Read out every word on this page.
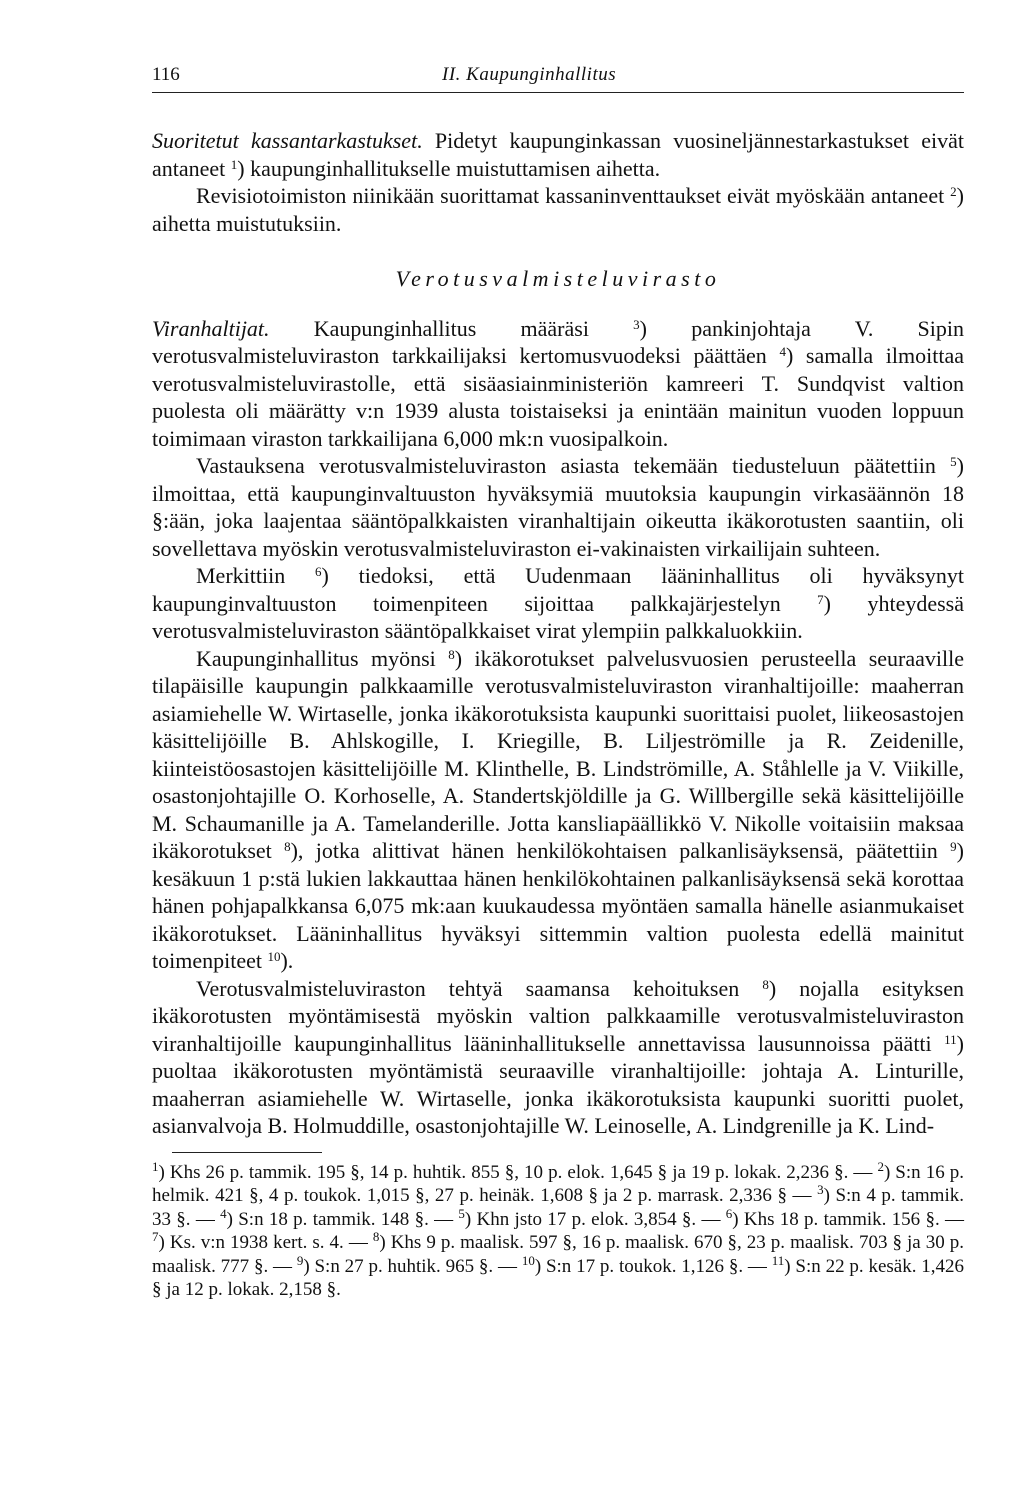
116	II. Kaupunginhallitus

Suoritetut kassantarkastukset. Pidetyt kaupunginkassan vuosineljännestarkastukset eivät antaneet $^1$) kaupunginhallitukselle muistuttamisen aihetta.

Revisiotoimiston niinikään suorittamat kassaninventtaukset eivät myöskään antaneet $^2$) aihetta muistutuksiin.

Verotusvalmisteluvirasto

Viranhaltijat. Kaupunginhallitus määräsi $^3$) pankinjohtaja V. Sipin verotusvalmisteluviraston tarkkailijaksi kertomusvuodeksi päättäen $^4$) samalla ilmoittaa verotusvalmisteluvirastolle, että sisäasiainministeriön kamreeri T. Sundqvist valtion puolesta oli määrätty v:n 1939 alusta toistaiseksi ja enintään mainitun vuoden loppuun toimimaan viraston tarkkailijana 6,000 mk:n vuosipalkoin.

Vastauksena verotusvalmisteluviraston asiasta tekemään tiedusteluun päätettiin $^5$) ilmoittaa, että kaupunginvaltuuston hyväksymiä muutoksia kaupungin virkasäännön 18 §:ään, joka laajentaa sääntöpalkkaisten viranhaltijain oikeutta ikäkorotusten saantiin, oli sovellettava myöskin verotusvalmisteluviraston ei-vakinaisten virkailijain suhteen.

Merkittiin $^6$) tiedoksi, että Uudenmaan lääninhallitus oli hyväksynyt kaupunginvaltuuston toimenpiteen sijoittaa palkkajärjestelyn $^7$) yhteydessä verotusvalmisteluviraston sääntöpalkkaiset virat ylempiin palkkaluokkiin.

Kaupunginhallitus myönsi $^8$) ikäkorotukset palvelusvuosien perusteella seuraaville tilapäisille kaupungin palkkaamille verotusvalmisteluviraston viranhaltijoille: maaherran asiamiehelle W. Wirtaselle, jonka ikäkorotuksista kaupunki suorittaisi puolet, liikeosastojen käsittelijöille B. Ahlskogille, I. Kriegille, B. Liljeströmille ja R. Zeidenille, kiinteistöosastojen käsittelijöille M. Klinthelle, B. Lindströmille, A. Ståhlelle ja V. Viikille, osastonjohtajille O. Korhoselle, A. Standertskjöldille ja G. Willbergille sekä käsittelijöille M. Schaumanille ja A. Tamelanderille. Jotta kansliapäällikkö V. Nikolle voitaisiin maksaa ikäkorotukset $^8$), jotka alittivat hänen henkilökohtaisen palkanlisäyksensä, päätettiin $^9$) kesäkuun 1 p:stä lukien lakkauttaa hänen henkilökohtainen palkanlisäyksensä sekä korottaa hänen pohjapalkkansa 6,075 mk:aan kuukaudessa myöntäen samalla hänelle asianmukaiset ikäkorotukset. Lääninhallitus hyväksyi sittemmin valtion puolesta edellä mainitut toimenpiteet $^{10}$).

Verotusvalmisteluviraston tehtyä saamansa kehoituksen $^8$) nojalla esityksen ikäkorotusten myöntämisestä myöskin valtion palkkaamille verotusvalmisteluviraston viranhaltijoille kaupunginhallitus lääninhallitukselle annettavissa lausunnoissa päätti $^{11}$) puoltaa ikäkorotusten myöntämistä seuraaville viranhaltijoille: johtaja A. Linturille, maaherran asiamiehelle W. Wirtaselle, jonka ikäkorotuksista kaupunki suoritti puolet, asianvalvoja B. Holmuddille, osastonjohtajille W. Leinoselle, A. Lindgrenille ja K. Lind-

$^1$) Khs 26 p. tammik. 195 §, 14 p. huhtik. 855 §, 10 p. elok. 1,645 § ja 19 p. lokak. 2,236 §. — $^2$) S:n 16 p. helmik. 421 §, 4 p. toukok. 1,015 §, 27 p. heinäk. 1,608 § ja 2 p. marrask. 2,336 § — $^3$) S:n 4 p. tammik. 33 §. — $^4$) S:n 18 p. tammik. 148 §. — $^5$) Khn jsto 17 p. elok. 3,854 §. — $^6$) Khs 18 p. tammik. 156 §. — $^7$) Ks. v:n 1938 kert. s. 4. — $^8$) Khs 9 p. maalisk. 597 §, 16 p. maalisk. 670 §, 23 p. maalisk. 703 § ja 30 p. maalisk. 777 §. — $^9$) S:n 27 p. huhtik. 965 §. — $^{10}$) S:n 17 p. toukok. 1,126 §. — $^{11}$) S:n 22 p. kesäk. 1,426 § ja 12 p. lokak. 2,158 §.
